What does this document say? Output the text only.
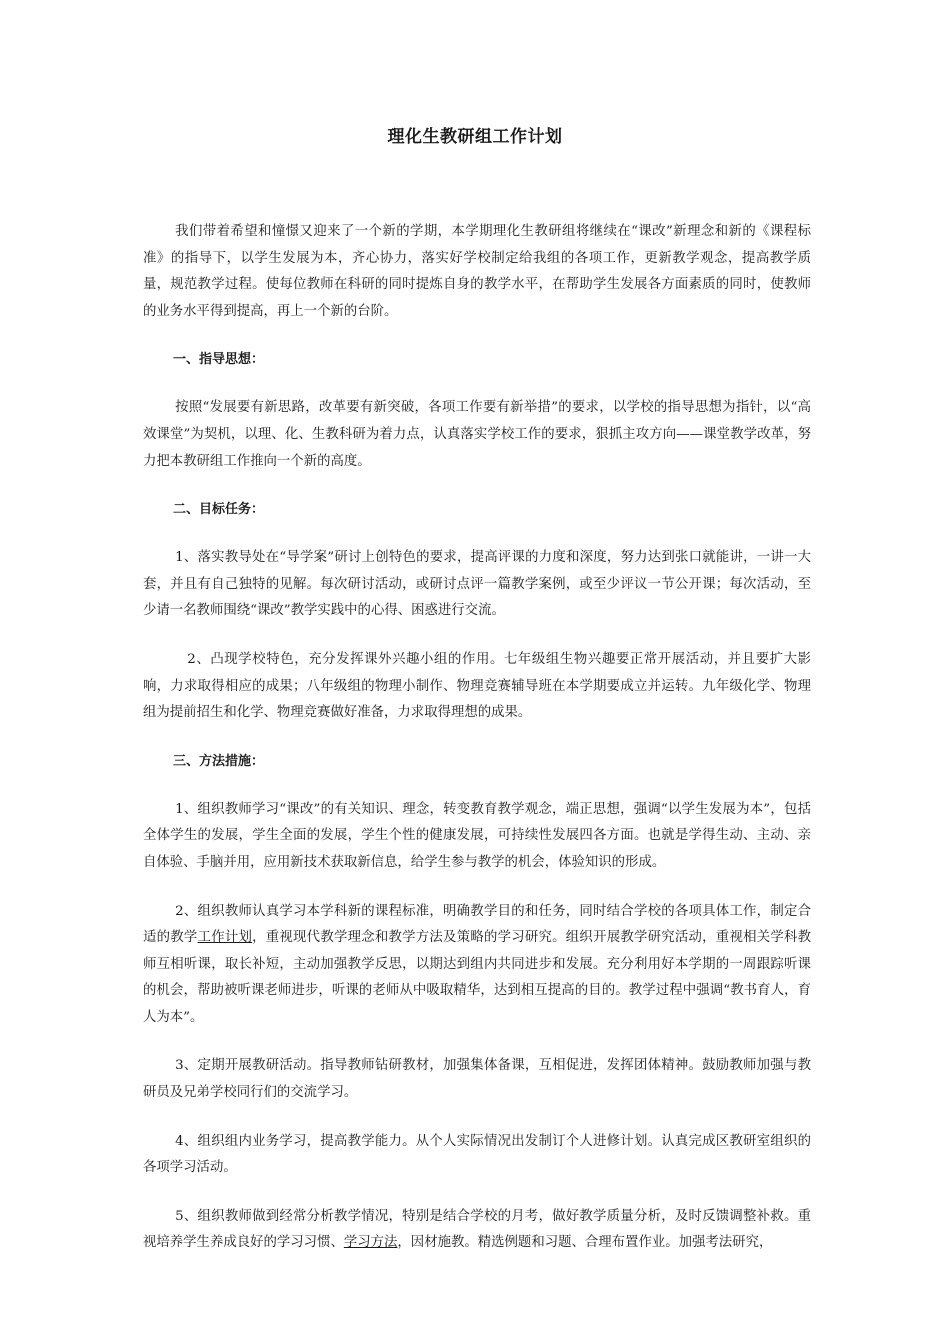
理化生教研组工作计划

我们带着希望和憧憬又迎来了一个新的学期，本学期理化生教研组将继续在“课改”新理念和新的《课程标准》的指导下，以学生发展为本，齐心协力，落实好学校制定给我组的各项工作，更新教学观念，提高教学质量，规范教学过程。使每位教师在科研的同时提炼自身的教学水平，在帮助学生发展各方面素质的同时，使教师的业务水平得到提高，再上一个新的台阶。

一、指导思想：

按照“发展要有新思路，改革要有新突破，各项工作要有新举措”的要求，以学校的指导思想为指针，以“高效课堂”为契机，以理、化、生教科研为着力点，认真落实学校工作的要求，狠抓主攻方向——课堂教学改革，努力把本教研组工作推向一个新的高度。

二、目标任务：

1、落实教导处在“导学案”研讨上创特色的要求，提高评课的力度和深度，努力达到张口就能讲，一讲一大套，并且有自己独特的见解。每次研讨活动，或研讨点评一篇教学案例，或至少评议一节公开课；每次活动，至少请一名教师围绕“课改”教学实践中的心得、困惑进行交流。

2、凸现学校特色，充分发挥课外兴趣小组的作用。七年级组生物兴趣要正常开展活动，并且要扩大影响，力求取得相应的成果；八年级组的物理小制作、物理竞赛辅导班在本学期要成立并运转。九年级化学、物理组为提前招生和化学、物理竞赛做好准备，力求取得理想的成果。

三、方法措施：

1、组织教师学习“课改”的有关知识、理念，转变教育教学观念，端正思想，强调“以学生发展为本”，包括全体学生的发展，学生全面的发展，学生个性的健康发展，可持续性发展四各方面。也就是学得生动、主动、亲自体验、手脑并用，应用新技术获取新信息，给学生参与教学的机会，体验知识的形成。

2、组织教师认真学习本学科新的课程标准，明确教学目的和任务，同时结合学校的各项具体工作，制定合适的教学工作计划，重视现代教学理念和教学方法及策略的学习研究。组织开展教学研究活动，重视相关学科教师互相听课，取长补短，主动加强教学反思，以期达到组内共同进步和发展。充分利用好本学期的一周跟踪听课的机会，帮助被听课老师进步，听课的老师从中吸取精华，达到相互提高的目的。教学过程中强调“教书育人，育人为本”。

3、定期开展教研活动。指导教师钻研教材，加强集体备课，互相促进，发挥团体精神。鼓励教师加强与教研员及兄弟学校同行们的交流学习。

4、组织组内业务学习，提高教学能力。从个人实际情况出发制订个人进修计划。认真完成区教研室组织的各项学习活动。

5、组织教师做到经常分析教学情况，特别是结合学校的月考，做好教学质量分析，及时反馈调整补救。重视培养学生养成良好的学习习惯、学习方法，因材施教。精选例题和习题、合理布置作业。加强考法研究，
